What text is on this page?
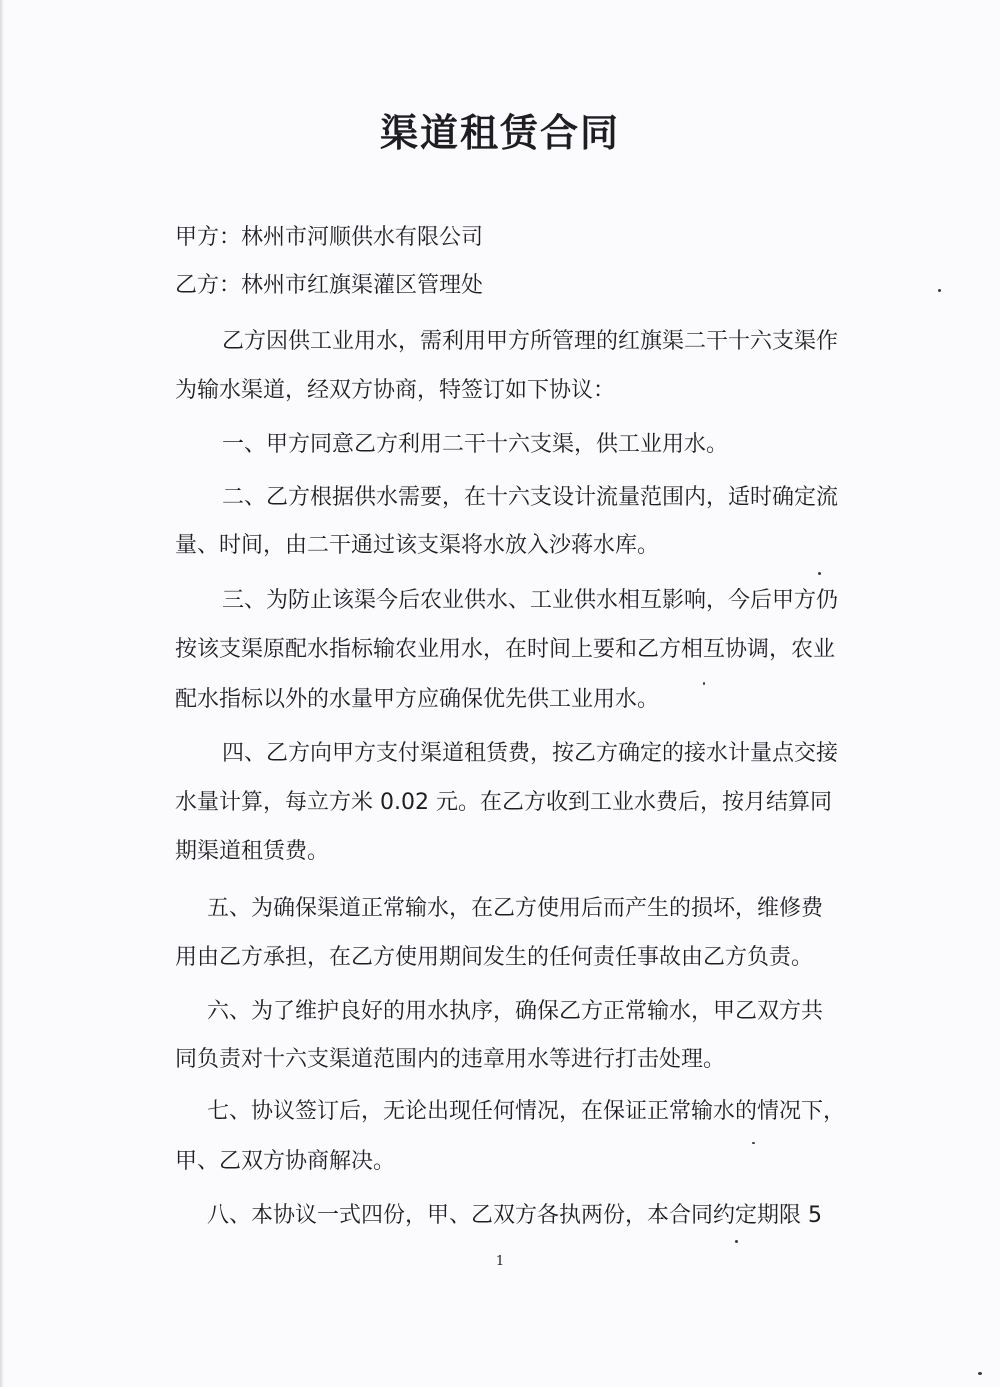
渠道租赁合同
甲方：林州市河顺供水有限公司
乙方：林州市红旗渠灌区管理处
乙方因供工业用水，需利用甲方所管理的红旗渠二干十六支渠作
为输水渠道，经双方协商，特签订如下协议：
一、甲方同意乙方利用二干十六支渠，供工业用水。
二、乙方根据供水需要，在十六支设计流量范围内，适时确定流
量、时间，由二干通过该支渠将水放入沙蒋水库。
三、为防止该渠今后农业供水、工业供水相互影响，今后甲方仍
按该支渠原配水指标输农业用水，在时间上要和乙方相互协调，农业
配水指标以外的水量甲方应确保优先供工业用水。
四、乙方向甲方支付渠道租赁费，按乙方确定的接水计量点交接
水量计算，每立方米 0.02 元。在乙方收到工业水费后，按月结算同
期渠道租赁费。
五、为确保渠道正常输水，在乙方使用后而产生的损坏，维修费
用由乙方承担，在乙方使用期间发生的任何责任事故由乙方负责。
六、为了维护良好的用水执序，确保乙方正常输水，甲乙双方共
同负责对十六支渠道范围内的违章用水等进行打击处理。
七、协议签订后，无论出现任何情况，在保证正常输水的情况下，
甲、乙双方协商解决。
八、本协议一式四份，甲、乙双方各执两份，本合同约定期限 5
1
